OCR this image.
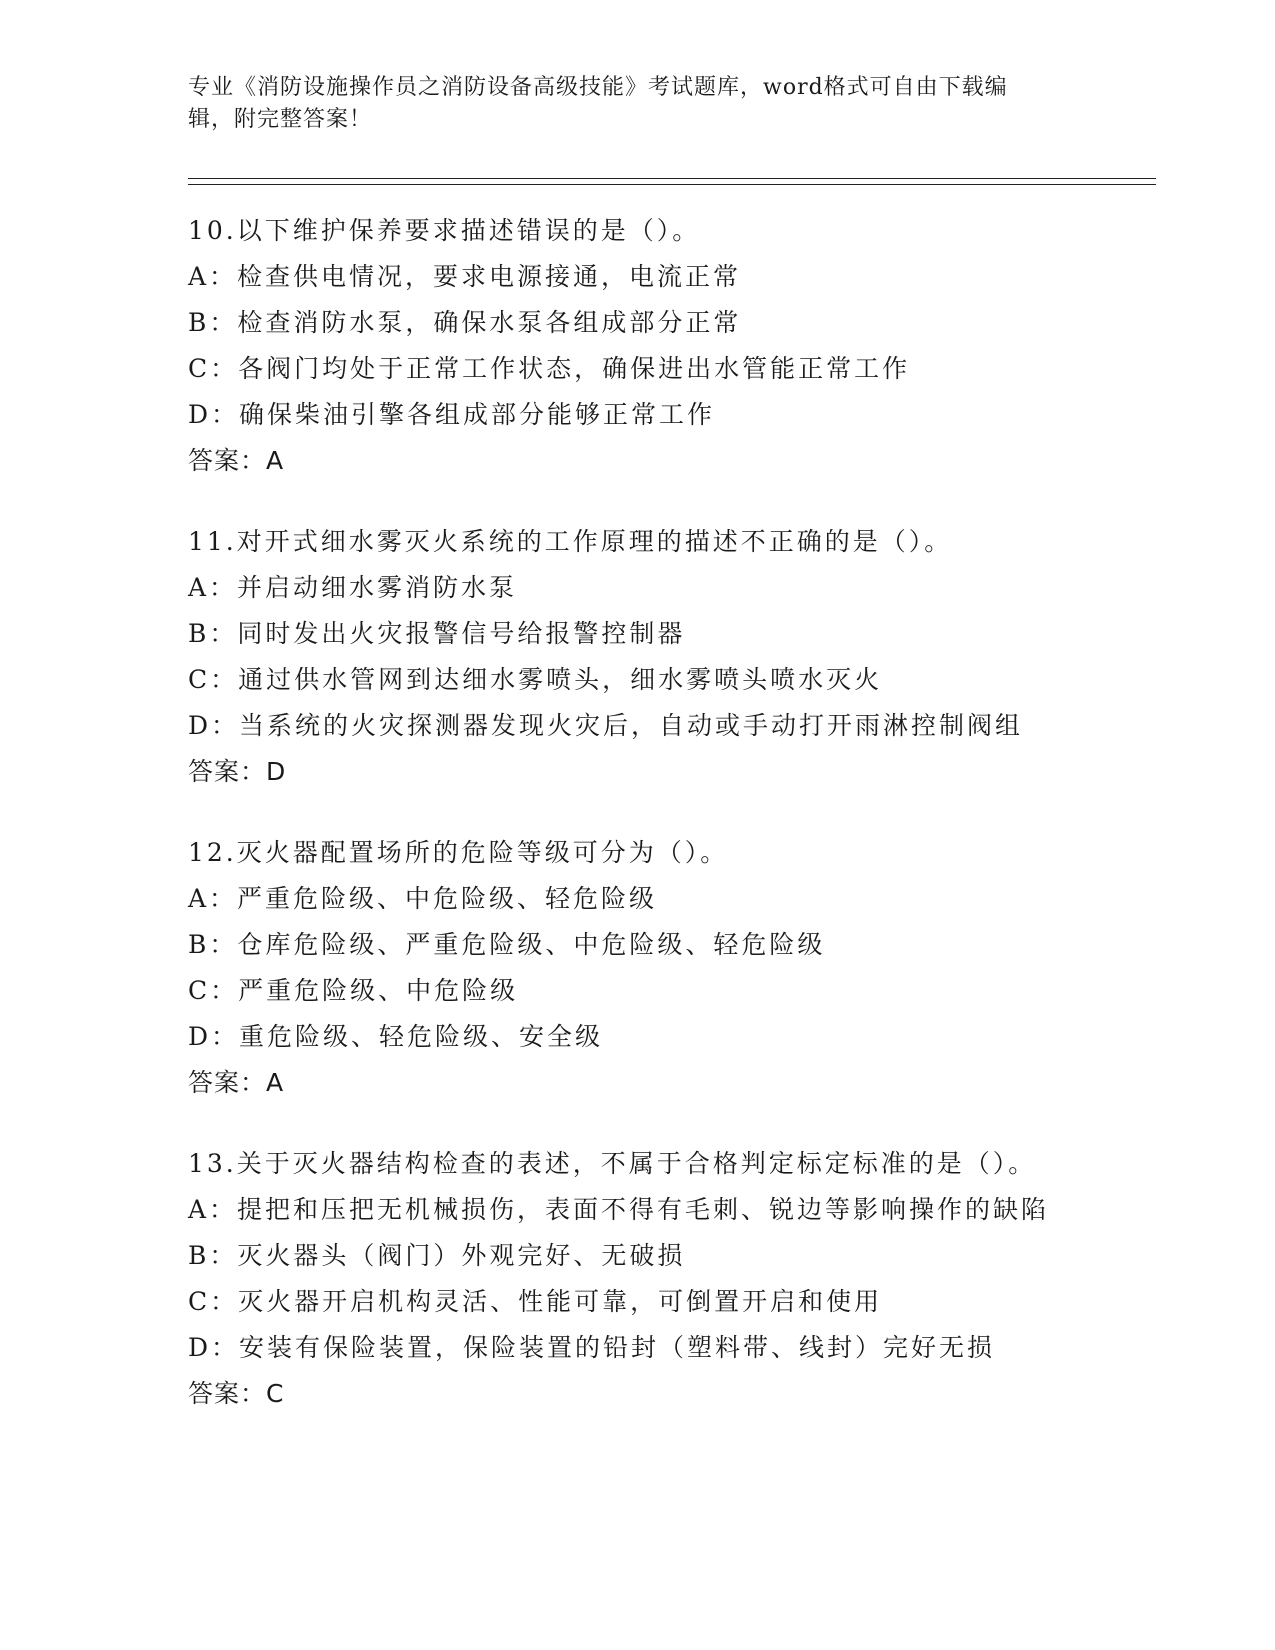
专业《消防设施操作员之消防设备高级技能》考试题库，word格式可自由下载编
辑，附完整答案！
10.以下维护保养要求描述错误的是（）。
A：检查供电情况，要求电源接通，电流正常
B：检查消防水泵，确保水泵各组成部分正常
C：各阀门均处于正常工作状态，确保进出水管能正常工作
D：确保柴油引擎各组成部分能够正常工作
答案：A
11.对开式细水雾灭火系统的工作原理的描述不正确的是（）。
A：并启动细水雾消防水泵
B：同时发出火灾报警信号给报警控制器
C：通过供水管网到达细水雾喷头，细水雾喷头喷水灭火
D：当系统的火灾探测器发现火灾后，自动或手动打开雨淋控制阀组
答案：D
12.灭火器配置场所的危险等级可分为（）。
A：严重危险级、中危险级、轻危险级
B：仓库危险级、严重危险级、中危险级、轻危险级
C：严重危险级、中危险级
D：重危险级、轻危险级、安全级
答案：A
13.关于灭火器结构检查的表述，不属于合格判定标定标准的是（）。
A：提把和压把无机械损伤，表面不得有毛刺、锐边等影响操作的缺陷
B：灭火器头（阀门）外观完好、无破损
C：灭火器开启机构灵活、性能可靠，可倒置开启和使用
D：安装有保险装置，保险装置的铅封（塑料带、线封）完好无损
答案：C
